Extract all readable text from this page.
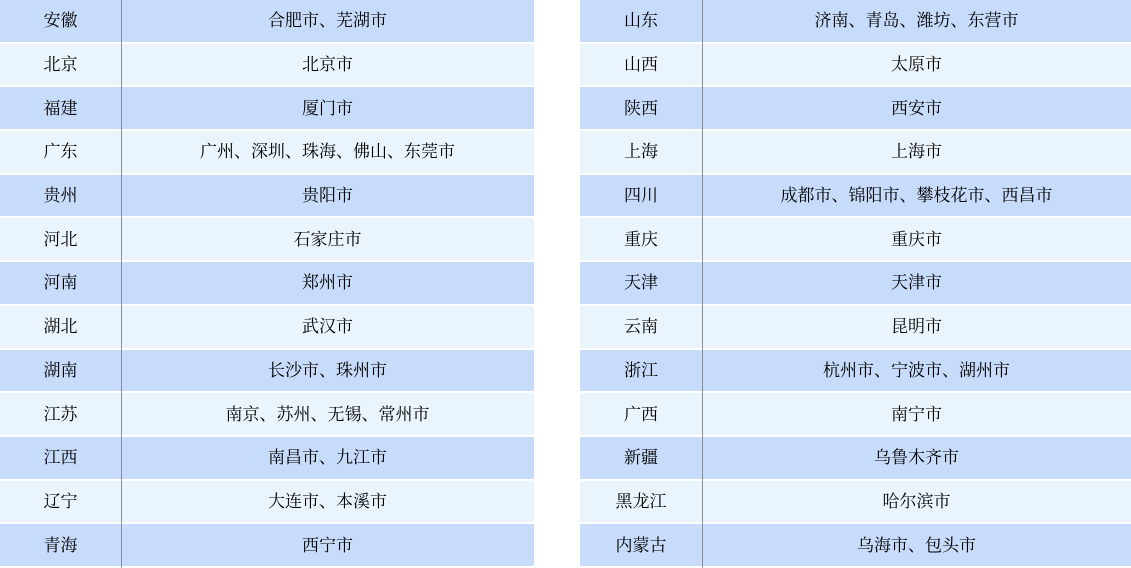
安徽	合肥市、芜湖市
北京	北京市
福建	厦门市
广东	广州、深圳、珠海、佛山、东莞市
贵州	贵阳市
河北	石家庄市
河南	郑州市
湖北	武汉市
湖南	长沙市、珠州市
江苏	南京、苏州、无锡、常州市
江西	南昌市、九江市
辽宁	大连市、本溪市
青海	西宁市
山东	济南、青岛、潍坊、东营市
山西	太原市
陕西	西安市
上海	上海市
四川	成都市、锦阳市、攀枝花市、西昌市
重庆	重庆市
天津	天津市
云南	昆明市
浙江	杭州市、宁波市、湖州市
广西	南宁市
新疆	乌鲁木齐市
黑龙江	哈尔滨市
内蒙古	乌海市、包头市
